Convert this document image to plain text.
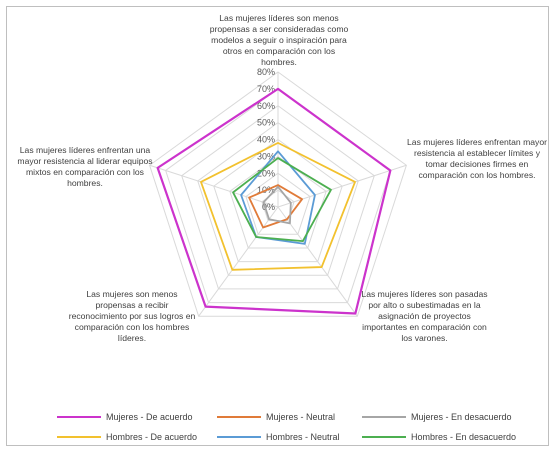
0%
10%
20%
30%
40%
50%
60%
70%
80%
Las mujeres líderes son menos propensas a ser consideradas como modelos a seguir o inspiración para otros en comparación con los hombres.
Las mujeres líderes enfrentan mayor resistencia al establecer límites y tomar decisiones firmes en comparación con los hombres.
Las mujeres líderes son pasadas por alto o subestimadas en la asignación de proyectos importantes en comparación con los varones.
Las mujeres son menos propensas a recibir reconocimiento por sus logros en comparación con los hombres líderes.
Las mujeres líderes enfrentan una mayor resistencia al liderar equipos mixtos en comparación con los hombres.
Mujeres - De acuerdo	Mujeres - Neutral	Mujeres - En desacuerdo
Hombres - De acuerdo	Hombres - Neutral	Hombres - En desacuerdo
